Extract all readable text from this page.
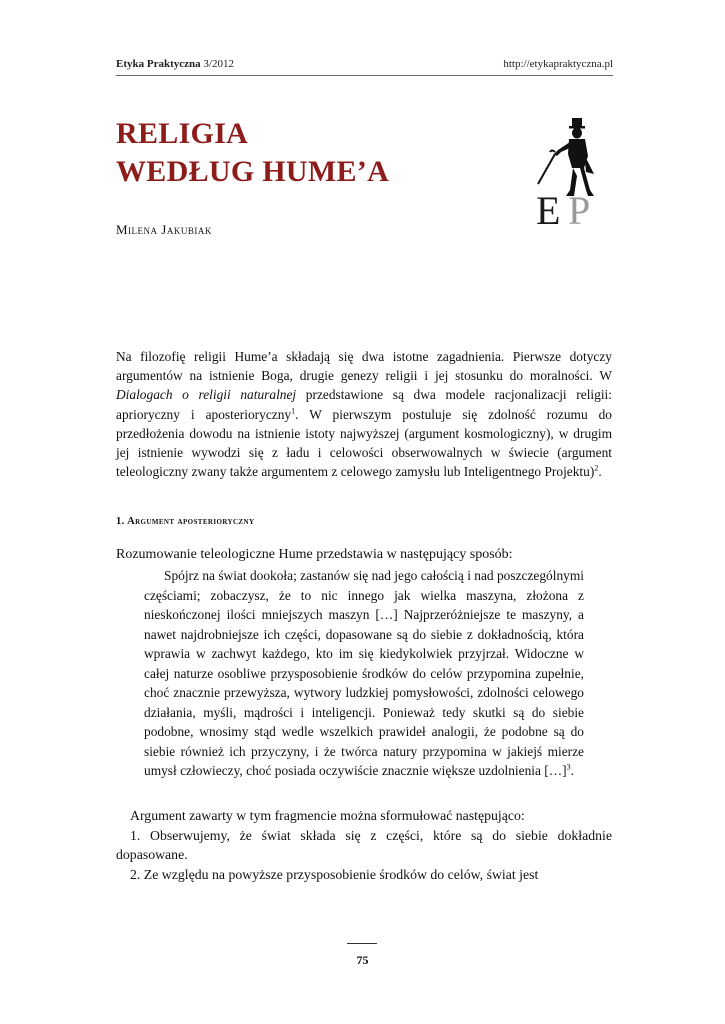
Etyka Praktyczna 3/2012	http://etykapraktyczna.pl
RELIGIA
WEDŁUG HUME’A
Milena Jakubiak	E P

Na filozofię religii Hume’a składają się dwa istotne zagadnienia. Pierwsze dotyczy argumentów na istnienie Boga, drugie genezy religii i jej stosunku do moralności. W Dialogach o religii naturalnej przedstawione są dwa modele racjonalizacji religii: aprioryczny i aposterioryczny$^1$. W pierwszym postuluje się zdolność rozumu do przedłożenia dowodu na istnienie istoty najwyższej (argument kosmologiczny), w drugim jej istnienie wywodzi się z ładu i celowości obserwowalnych w świecie (argument teleologiczny zwany także argumentem z celowego zamysłu lub Inteligentnego Projektu)$^2$.

1. Argument aposterioryczny

Rozumowanie teleologiczne Hume przedstawia w następujący sposób:

Spójrz na świat dookoła; zastanów się nad jego całością i nad poszczególnymi częściami; zobaczysz, że to nic innego jak wielka maszyna, złożona z nieskończonej ilości mniejszych maszyn […] Najprzeróżniejsze te maszyny, a nawet najdrobniejsze ich części, dopasowane są do siebie z dokładnością, która wprawia w zachwyt każdego, kto im się kiedykolwiek przyjrzał. Widoczne w całej naturze osobliwe przysposobienie środków do celów przypomina zupełnie, choć znacznie przewyższa, wytwory ludzkiej pomysłowości, zdolności celowego działania, myśli, mądrości i inteligencji. Ponieważ tedy skutki są do siebie podobne, wnosimy stąd wedle wszelkich prawideł analogii, że podobne są do siebie również ich przyczyny, i że twórca natury przypomina w jakiejś mierze umysł człowieczy, choć posiada oczywiście znacznie większe uzdolnienia […]$^3$.

Argument zawarty w tym fragmencie można sformułować następująco:

1. Obserwujemy, że świat składa się z części, które są do siebie dokładnie dopasowane.

2. Ze względu na powyższe przysposobienie środków do celów, świat jest

75
